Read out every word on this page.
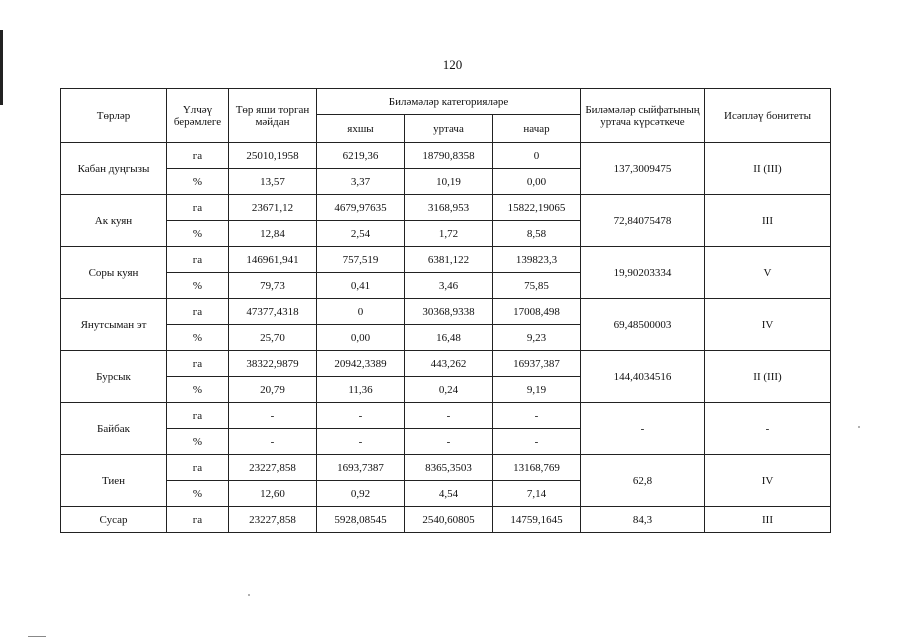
120
Төрләр	Үлчәү берәмлеге	Төр яши торган мәйдан	Биләмәләр категорияләре			Биләмәләр сыйфатының уртача күрсәткече	Исәпләү бонитеты
			яхшы	уртача	начар		
Кабан дуңгызы	га	25010,1958	6219,36	18790,8358	0	137,3009475	II (III)
	%	13,57	3,37	10,19	0,00		
Ак куян	га	23671,12	4679,97635	3168,953	15822,19065	72,84075478	III
	%	12,84	2,54	1,72	8,58		
Соры куян	га	146961,941	757,519	6381,122	139823,3	19,90203334	V
	%	79,73	0,41	3,46	75,85		
Янутсыман эт	га	47377,4318	0	30368,9338	17008,498	69,48500003	IV
	%	25,70	0,00	16,48	9,23		
Бурсык	га	38322,9879	20942,3389	443,262	16937,387	144,4034516	II (III)
	%	20,79	11,36	0,24	9,19		
Байбак	га	-	-	-	-	-	-
	%	-	-	-	-		
Тиен	га	23227,858	1693,7387	8365,3503	13168,769	62,8	IV
	%	12,60	0,92	4,54	7,14		
Сусар	га	23227,858	5928,08545	2540,60805	14759,1645	84,3	III
